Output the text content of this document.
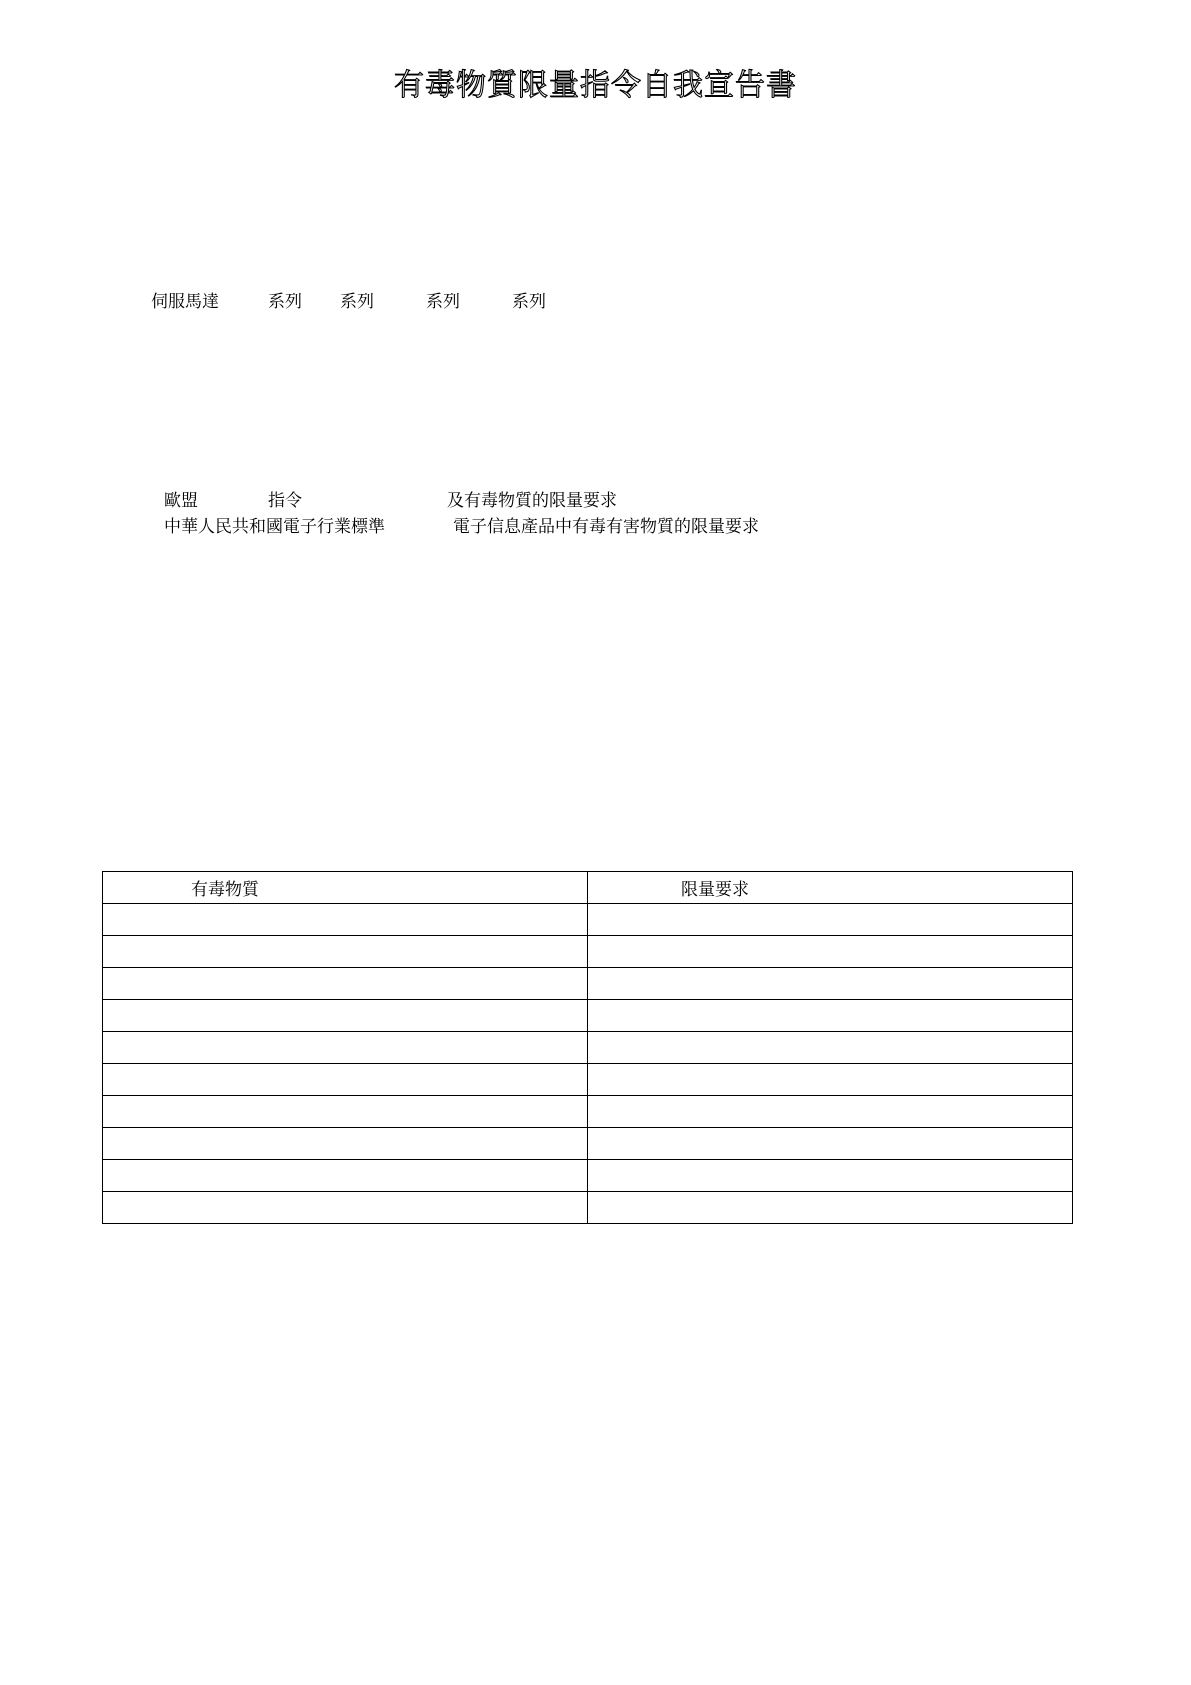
有毒物質限量指令自我宣告書
伺服馬達	系列 系列	系列	系列
歐盟	指令	及有毒物質的限量要求
中華人民共和國電子行業標準	電子信息產品中有毒有害物質的限量要求
有毒物質	限量要求
